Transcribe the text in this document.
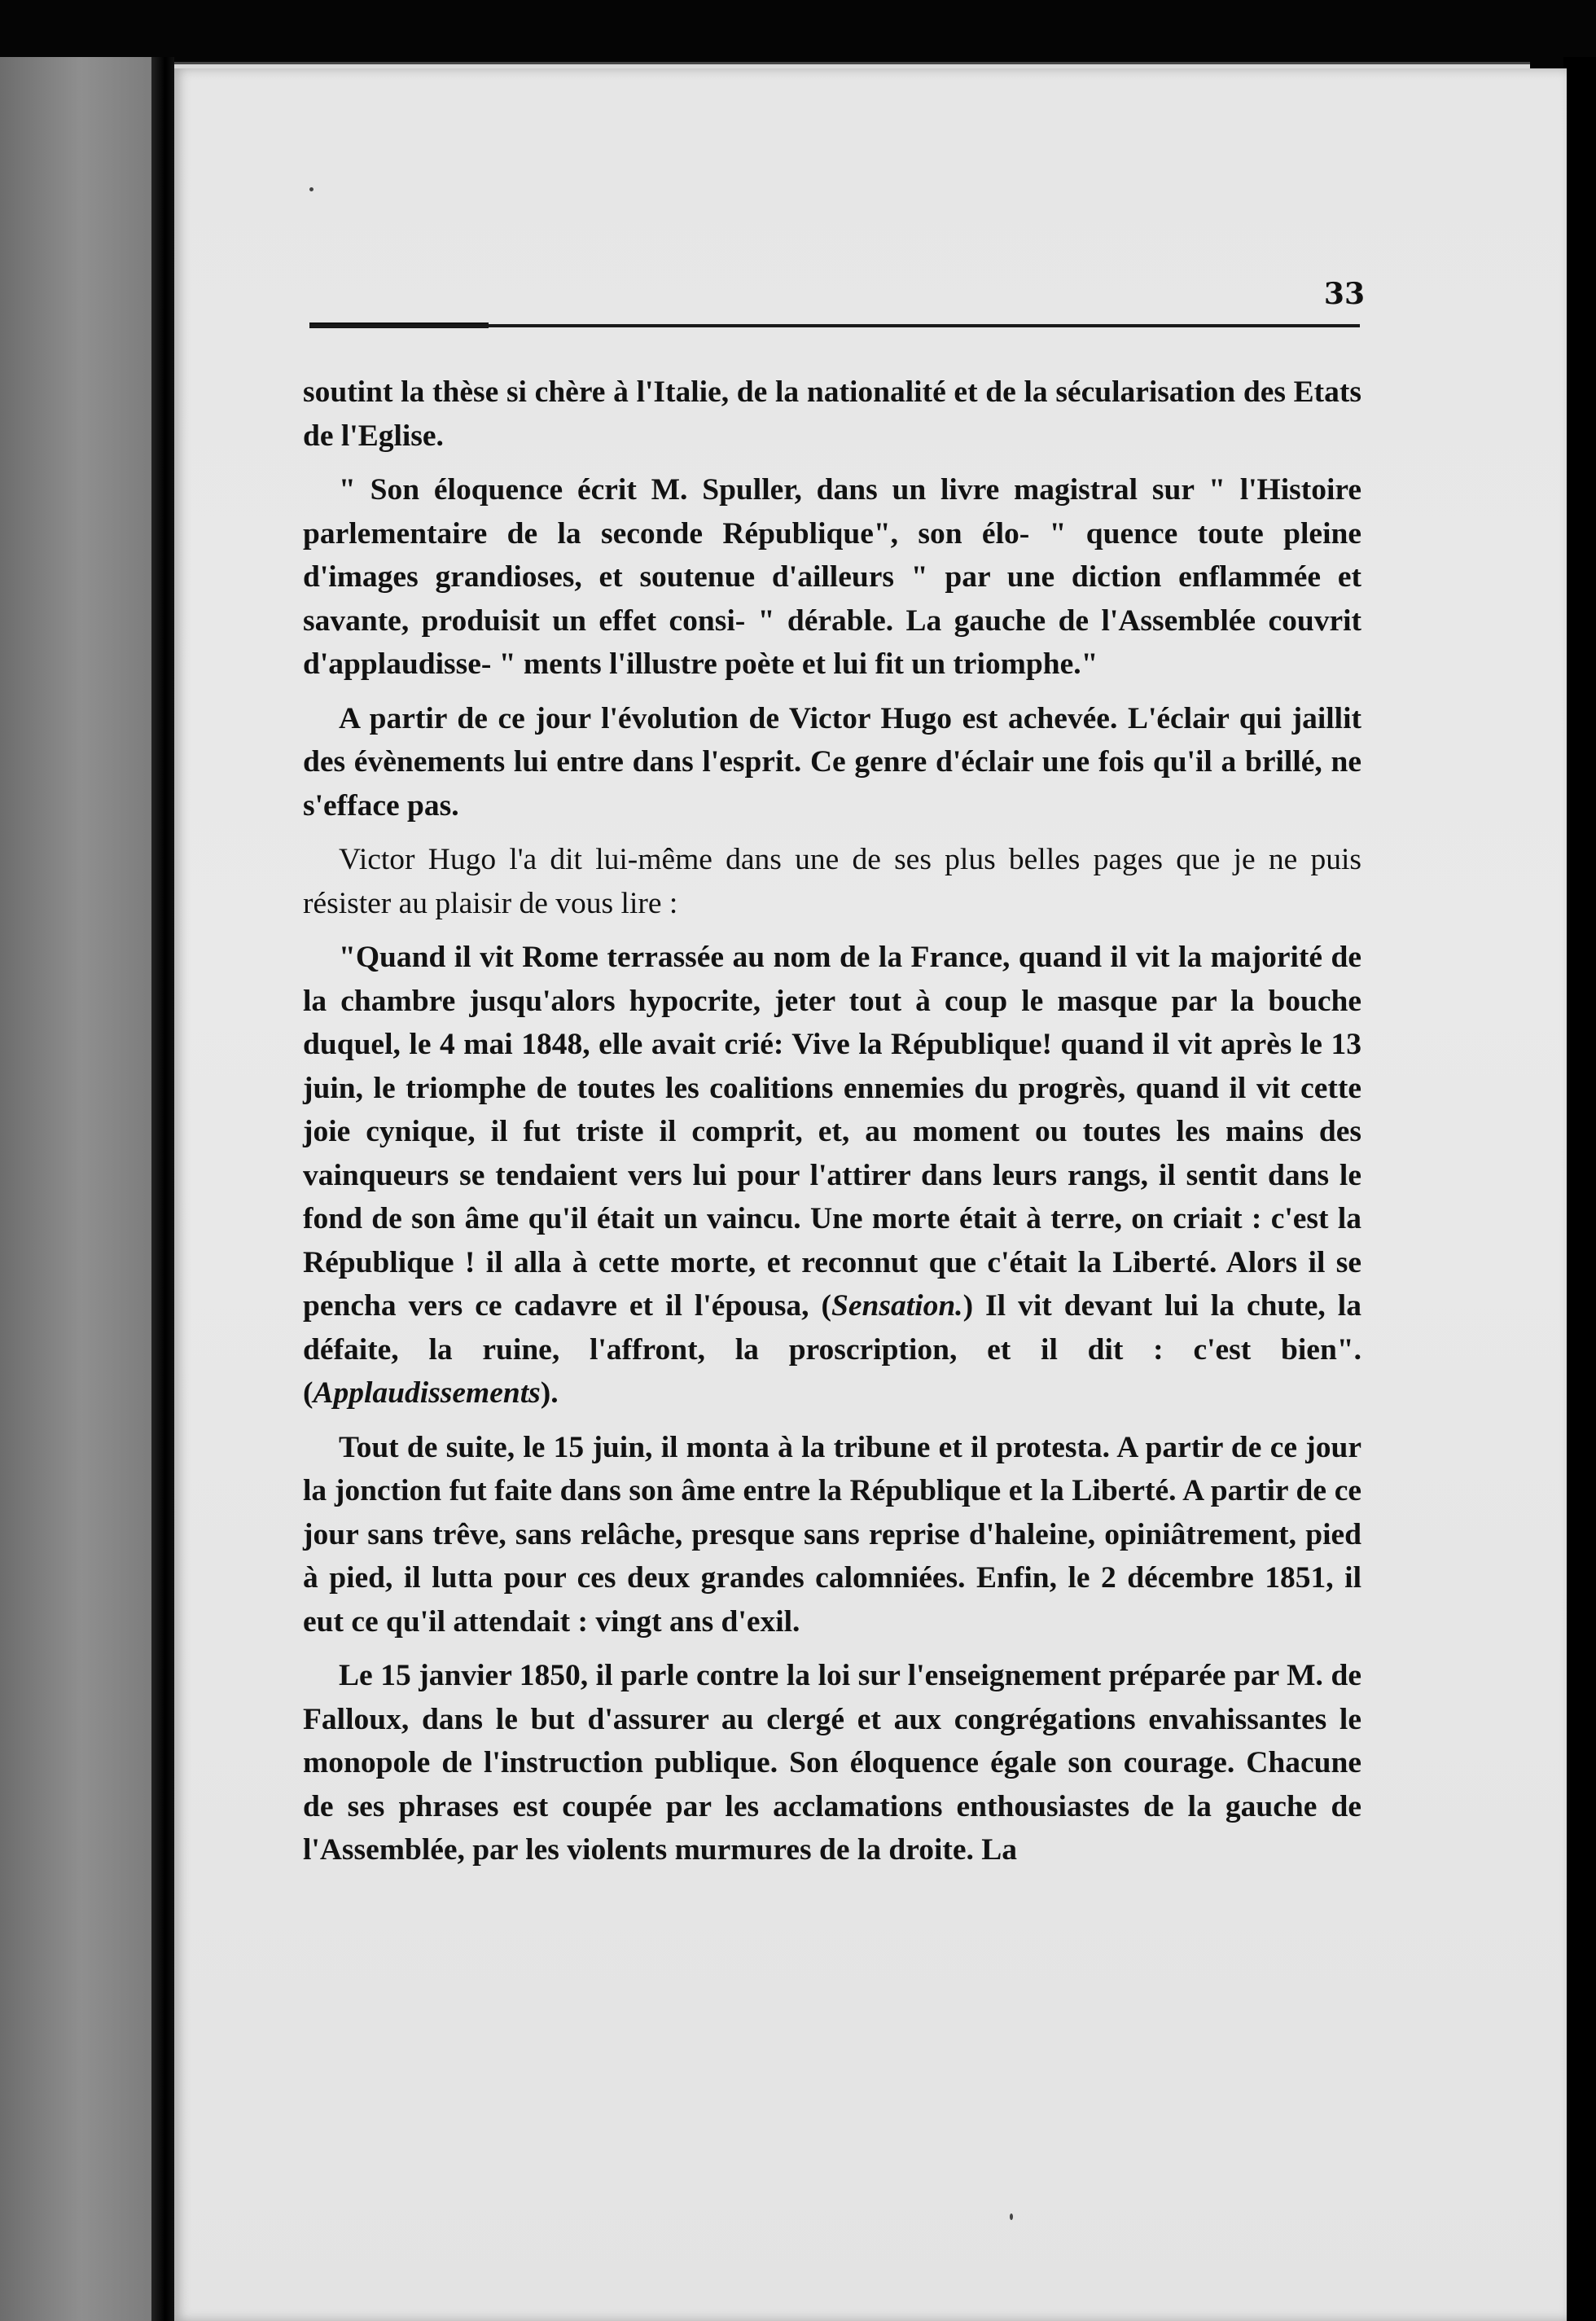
33

soutint la thèse si chère à l'Italie, de la nationalité et de la sécularisation des Etats de l'Eglise.

" Son éloquence écrit M. Spuller, dans un livre magistral sur " l'Histoire parlementaire de la seconde République", son élo- " quence toute pleine d'images grandioses, et soutenue d'ailleurs " par une diction enflammée et savante, produisit un effet consi- " dérable. La gauche de l'Assemblée couvrit d'applaudisse- " ments l'illustre poète et lui fit un triomphe."

A partir de ce jour l'évolution de Victor Hugo est achevée. L'éclair qui jaillit des évènements lui entre dans l'esprit. Ce genre d'éclair une fois qu'il a brillé, ne s'efface pas.

Victor Hugo l'a dit lui-même dans une de ses plus belles pages que je ne puis résister au plaisir de vous lire :

"Quand il vit Rome terrassée au nom de la France, quand il vit la majorité de la chambre jusqu'alors hypocrite, jeter tout à coup le masque par la bouche duquel, le 4 mai 1848, elle avait crié: Vive la République! quand il vit après le 13 juin, le triomphe de toutes les coalitions ennemies du progrès, quand il vit cette joie cynique, il fut triste il comprit, et, au moment ou toutes les mains des vainqueurs se tendaient vers lui pour l'attirer dans leurs rangs, il sentit dans le fond de son âme qu'il était un vaincu. Une morte était à terre, on criait : c'est la République ! il alla à cette morte, et reconnut que c'était la Liberté. Alors il se pencha vers ce cadavre et il l'épousa, (Sensation.) Il vit devant lui la chute, la défaite, la ruine, l'affront, la proscription, et il dit : c'est bien". (Applaudissements).

Tout de suite, le 15 juin, il monta à la tribune et il protesta. A partir de ce jour la jonction fut faite dans son âme entre la République et la Liberté. A partir de ce jour sans trêve, sans relâche, presque sans reprise d'haleine, opiniâtrement, pied à pied, il lutta pour ces deux grandes calomniées. Enfin, le 2 décembre 1851, il eut ce qu'il attendait : vingt ans d'exil.

Le 15 janvier 1850, il parle contre la loi sur l'enseignement préparée par M. de Falloux, dans le but d'assurer au clergé et aux congrégations envahissantes le monopole de l'instruction publique. Son éloquence égale son courage. Chacune de ses phrases est coupée par les acclamations enthousiastes de la gauche de l'Assemblée, par les violents murmures de la droite. La
